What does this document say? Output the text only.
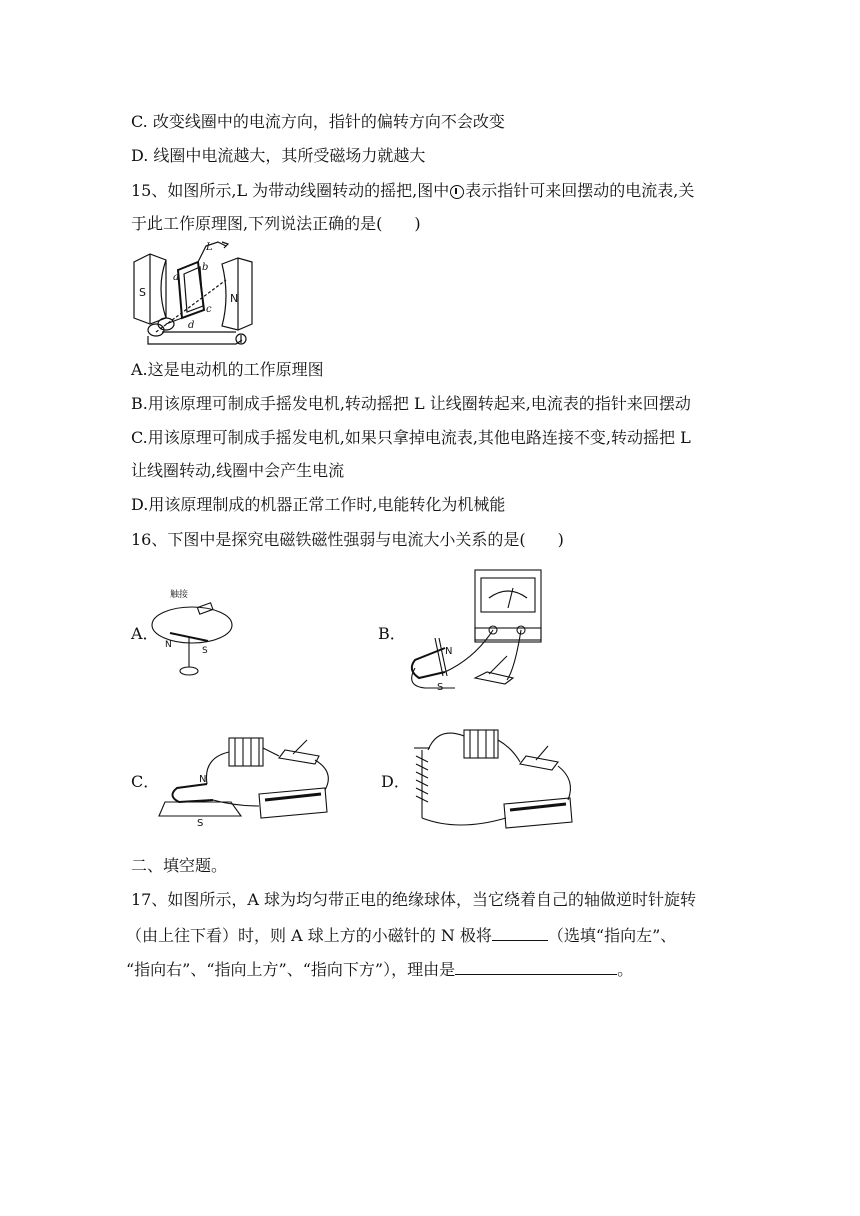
C. 改变线圈中的电流方向，指针的偏转方向不会改变
D. 线圈中电流越大，其所受磁场力就越大
15、如图所示,L 为带动线圈转动的摇把,图中 表示指针可来回摆动的电流表,关
于此工作原理图,下列说法正确的是(　　)
L
a
b
c
d
S	N
A.这是电动机的工作原理图
B.用该原理可制成手摇发电机,转动摇把 L 让线圈转起来,电流表的指针来回摆动
C.用该原理可制成手摇发电机,如果只拿掉电流表,其他电路连接不变,转动摇把 L
让线圈转动,线圈中会产生电流
D.用该原理制成的机器正常工作时,电能转化为机械能
16、下图中是探究电磁铁磁性强弱与电流大小关系的是(　　)
A．
触接
N
S
B．
N
S
C．	N
S
D．
二、填空题。
17、如图所示，A 球为均匀带正电的绝缘球体，当它绕着自己的轴做逆时针旋转
（由上往下看）时，则 A 球上方的小磁针的 N 极将	（选填“指向左”、
“指向右”、“指向上方”、“指向下方”），理由是	。
